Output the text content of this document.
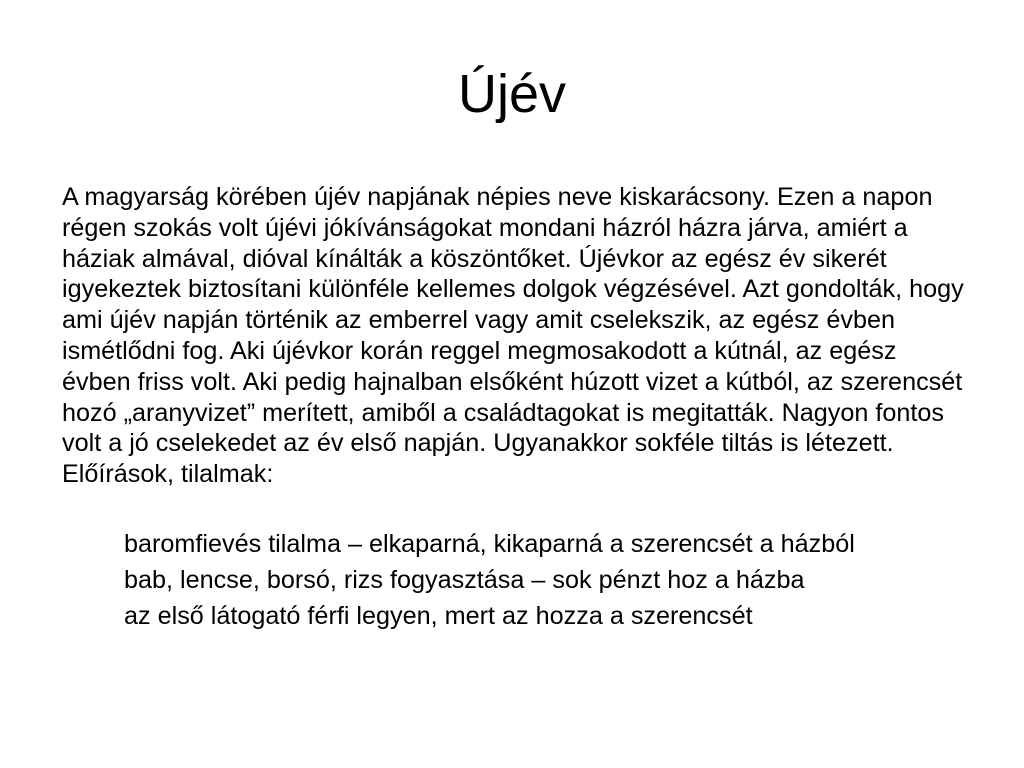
Újév

A magyarság körében újév napjának népies neve kiskarácsony. Ezen a napon régen szokás volt újévi jókívánságokat mondani házról házra járva, amiért a háziak almával, dióval kínálták a köszöntőket. Újévkor az egész év sikerét igyekeztek biztosítani különféle kellemes dolgok végzésével. Azt gondolták, hogy ami újév napján történik az emberrel vagy amit cselekszik, az egész évben ismétlődni fog. Aki újévkor korán reggel megmosakodott a kútnál, az egész évben friss volt. Aki pedig hajnalban elsőként húzott vizet a kútból, az szerencsét hozó „aranyvizet” merített, amiből a családtagokat is megitatták. Nagyon fontos volt a jó cselekedet az év első napján. Ugyanakkor sokféle tiltás is létezett. Előírások, tilalmak:

baromfievés tilalma – elkaparná, kikaparná a szerencsét a házból
bab, lencse, borsó, rizs fogyasztása – sok pénzt hoz a házba
az első látogató férfi legyen, mert az hozza a szerencsét
